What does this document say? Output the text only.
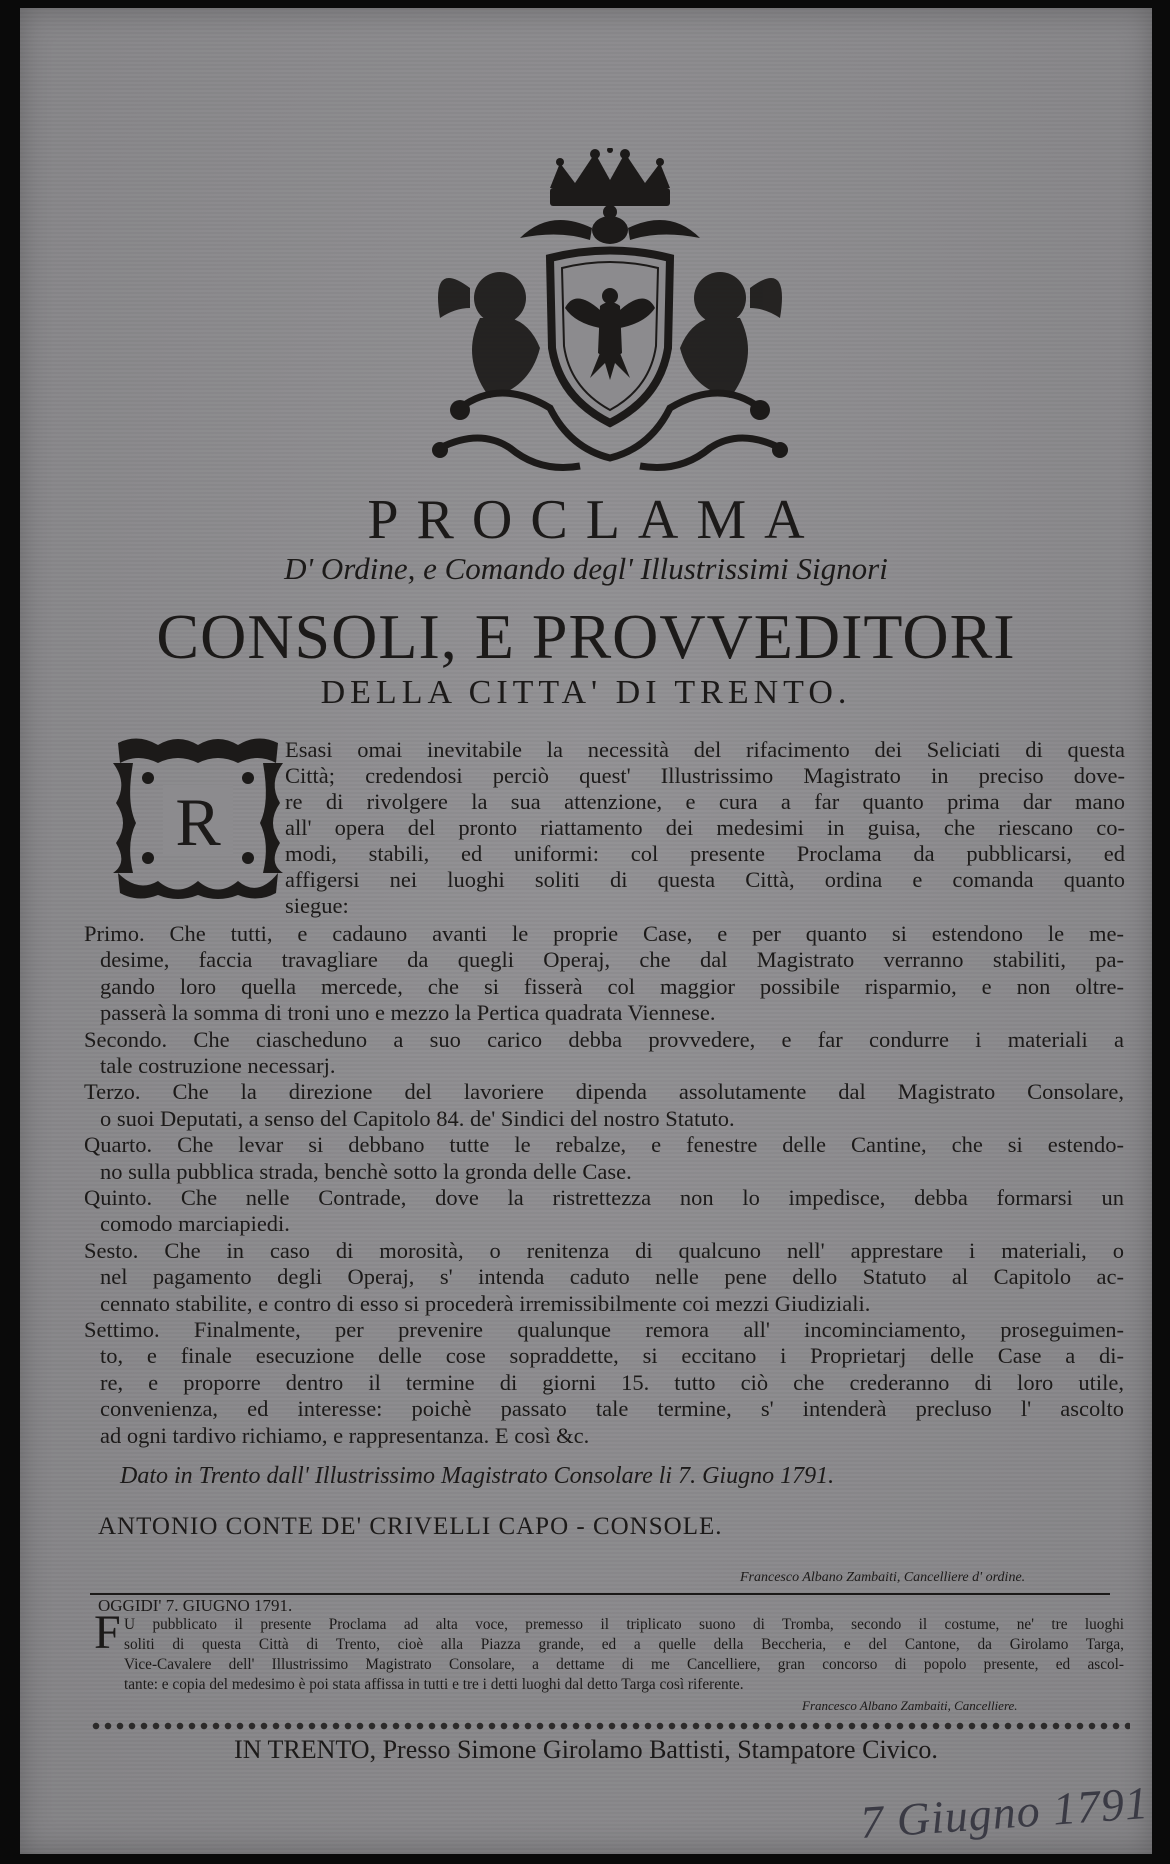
PROCLAMA
D' Ordine, e Comando degl' Illustrissimi Signori
CONSOLI, E PROVVEDITORI
DELLA CITTA' DI TRENTO.
R
Esasi omai inevitabile la necessità del rifacimento dei Seliciati di questa
Città; credendosi perciò quest' Illustrissimo Magistrato in preciso dove-
re di rivolgere la sua attenzione, e cura a far quanto prima dar mano
all' opera del pronto riattamento dei medesimi in guisa, che riescano co-
modi, stabili, ed uniformi: col presente Proclama da pubblicarsi, ed
affigersi nei luoghi soliti di questa Città, ordina e comanda quanto
siegue:
Primo. Che tutti, e cadauno avanti le proprie Case, e per quanto si estendono le me-
desime, faccia travagliare da quegli Operaj, che dal Magistrato verranno stabiliti, pa-
gando loro quella mercede, che si fisserà col maggior possibile risparmio, e non oltre-
passerà la somma di troni uno e mezzo la Pertica quadrata Viennese.
Secondo. Che ciascheduno a suo carico debba provvedere, e far condurre i materiali a
tale costruzione necessarj.
Terzo. Che la direzione del lavoriere dipenda assolutamente dal Magistrato Consolare,
o suoi Deputati, a senso del Capitolo 84. de' Sindici del nostro Statuto.
Quarto. Che levar si debbano tutte le rebalze, e fenestre delle Cantine, che si estendo-
no sulla pubblica strada, benchè sotto la gronda delle Case.
Quinto. Che nelle Contrade, dove la ristrettezza non lo impedisce, debba formarsi un
comodo marciapiedi.
Sesto. Che in caso di morosità, o renitenza di qualcuno nell' apprestare i materiali, o
nel pagamento degli Operaj, s' intenda caduto nelle pene dello Statuto al Capitolo ac-
cennato stabilite, e contro di esso si procederà irremissibilmente coi mezzi Giudiziali.
Settimo. Finalmente, per prevenire qualunque remora all' incominciamento, proseguimen-
to, e finale esecuzione delle cose sopraddette, si eccitano i Proprietarj delle Case a di-
re, e proporre dentro il termine di giorni 15. tutto ciò che crederanno di loro utile,
convenienza, ed interesse: poichè passato tale termine, s' intenderà precluso l' ascolto
ad ogni tardivo richiamo, e rappresentanza. E così &c.
Dato in Trento dall' Illustrissimo Magistrato Consolare li 7. Giugno 1791.
ANTONIO CONTE DE' CRIVELLI CAPO - CONSOLE.
Francesco Albano Zambaiti, Cancelliere d' ordine.
OGGIDI' 7. GIUGNO 1791.
F U pubblicato il presente Proclama ad alta voce, premesso il triplicato suono di Tromba, secondo il costume, ne' tre luoghi
soliti di questa Città di Trento, cioè alla Piazza grande, ed a quelle della Beccheria, e del Cantone, da Girolamo Targa,
Vice-Cavalere dell' Illustrissimo Magistrato Consolare, a dettame di me Cancelliere, gran concorso di popolo presente, ed ascol-
tante: e copia del medesimo è poi stata affissa in tutti e tre i detti luoghi dal detto Targa così riferente.
Francesco Albano Zambaiti, Cancelliere.
IN TRENTO, Presso Simone Girolamo Battisti, Stampatore Civico.
7 Giugno 1791
